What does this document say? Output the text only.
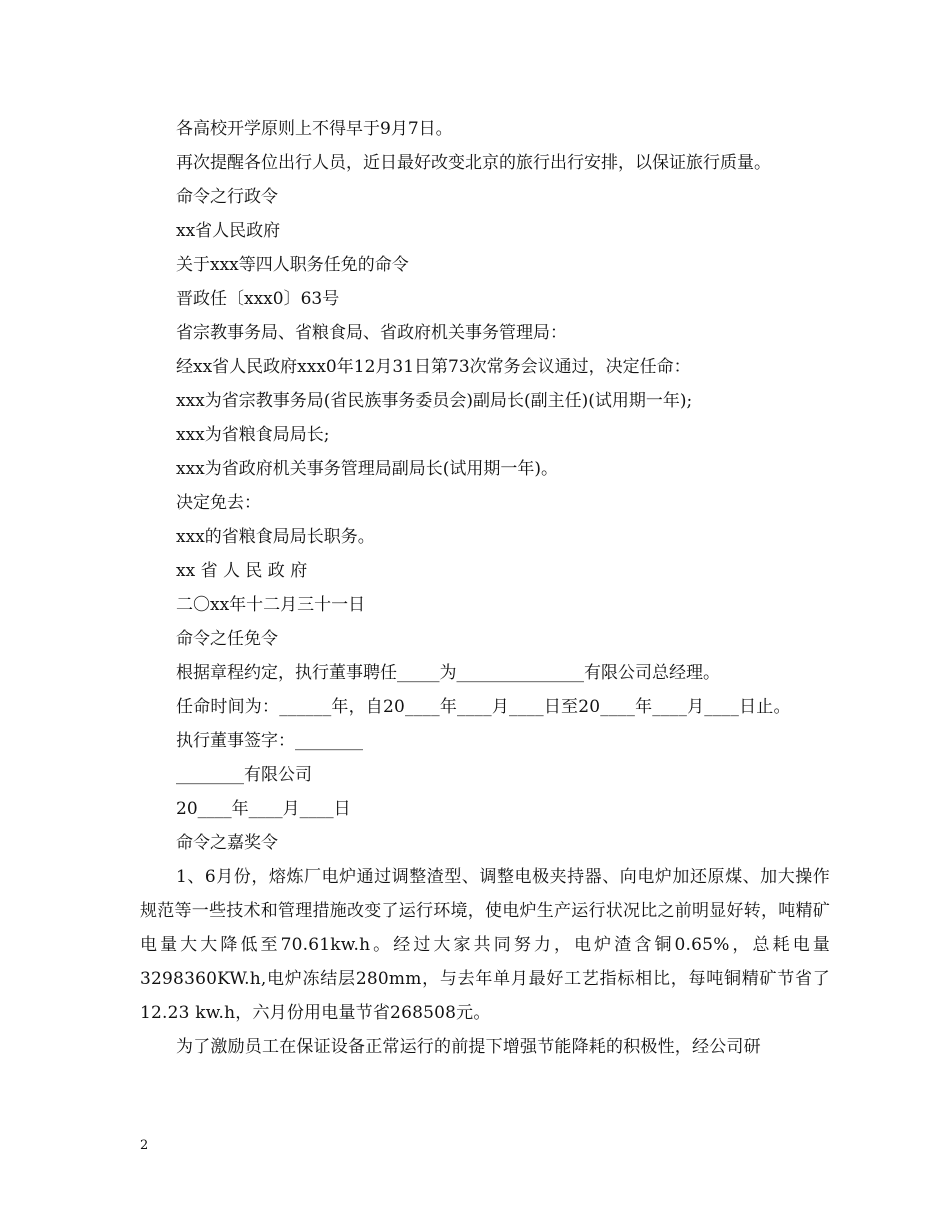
各高校开学原则上不得早于9月7日。
再次提醒各位出行人员，近日最好改变北京的旅行出行安排，以保证旅行质量。
命令之行政令
xx省人民政府
关于xxx等四人职务任免的命令
晋政任〔xxx0〕63号
省宗教事务局、省粮食局、省政府机关事务管理局：
经xx省人民政府xxx0年12月31日第73次常务会议通过，决定任命：
xxx为省宗教事务局(省民族事务委员会)副局长(副主任)(试用期一年);
xxx为省粮食局局长;
xxx为省政府机关事务管理局副局长(试用期一年)。
决定免去：
xxx的省粮食局局长职务。
xx 省 人 民 政 府
二〇xx年十二月三十一日
命令之任免令
根据章程约定，执行董事聘任_____为_______________有限公司总经理。
任命时间为：______年，自20____年____月____日至20____年____月____日止。
执行董事签字：________
________有限公司
20____年____月____日
命令之嘉奖令
1、6月份，熔炼厂电炉通过调整渣型、调整电极夹持器、向电炉加还原煤、加大操作规范等一些技术和管理措施改变了运行环境，使电炉生产运行状况比之前明显好转，吨精矿电量大大降低至70.61kw.h。经过大家共同努力，电炉渣含铜0.65%，总耗电量3298360KW.h,电炉冻结层280mm，与去年单月最好工艺指标相比，每吨铜精矿节省了12.23 kw.h，六月份用电量节省268508元。
为了激励员工在保证设备正常运行的前提下增强节能降耗的积极性，经公司研
2
